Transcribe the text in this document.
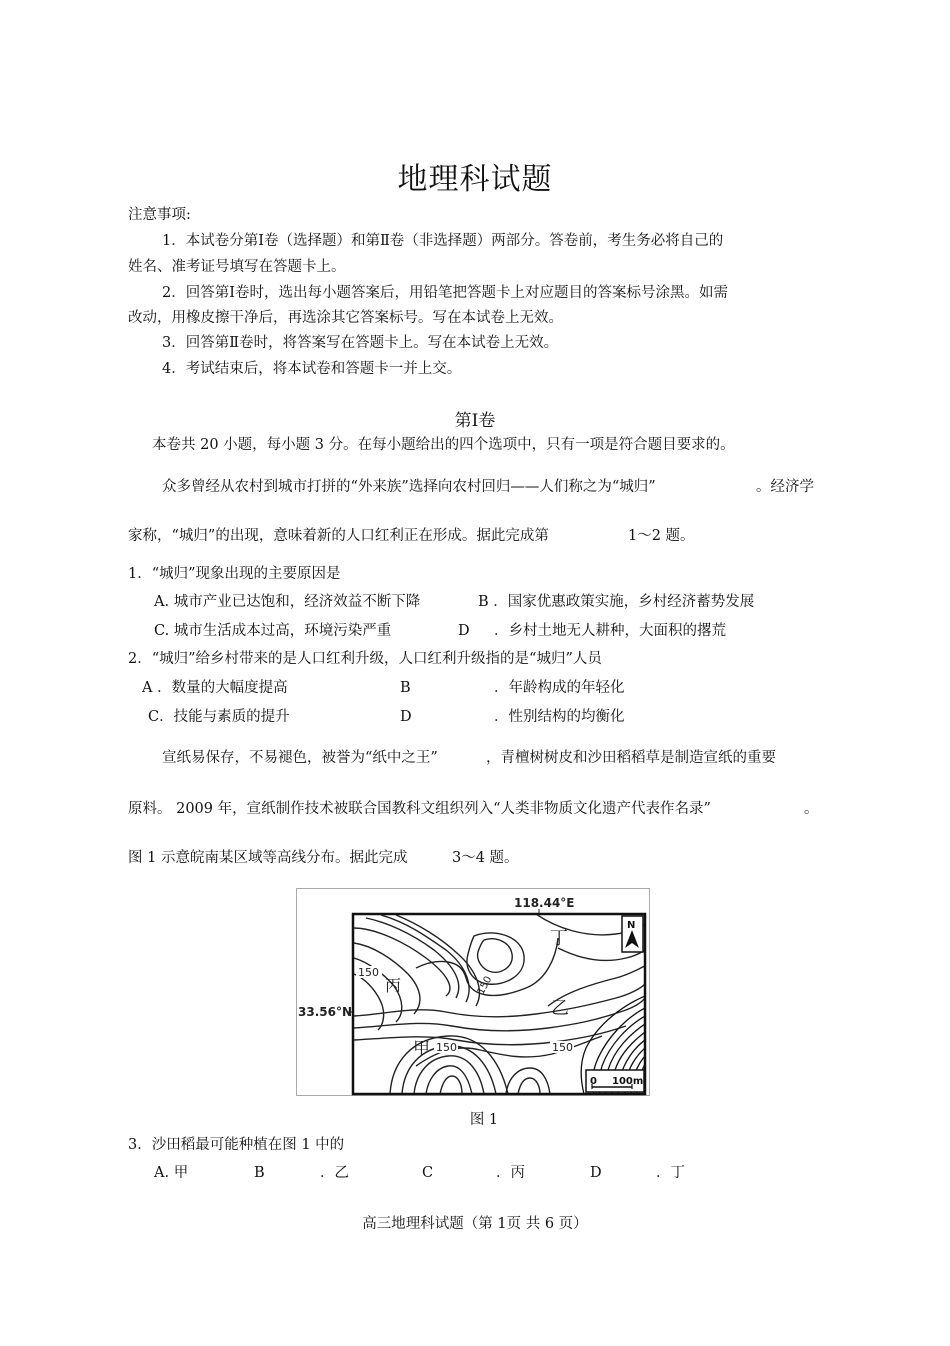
地理科试题
注意事项:
1．本试卷分第Ⅰ卷（选择题）和第Ⅱ卷（非选择题）两部分。答卷前，考生务必将自己的
姓名、准考证号填写在答题卡上。
2．回答第Ⅰ卷时，选出每小题答案后，用铅笔把答题卡上对应题目的答案标号涂黑。如需
改动，用橡皮擦干净后，再选涂其它答案标号。写在本试卷上无效。
3．回答第Ⅱ卷时，将答案写在答题卡上。写在本试卷上无效。
4．考试结束后，将本试卷和答题卡一并上交。
第Ⅰ卷
本卷共 20 小题，每小题 3 分。在每小题给出的四个选项中，只有一项是符合题目要求的。
众多曾经从农村到城市打拼的“外来族”选择向农村回归——人们称之为“城归”	。经济学
家称，“城归”的出现，意味着新的人口红利正在形成。据此完成第	1～2 题。
1．“城归”现象出现的主要原因是
A. 城市产业已达饱和，经济效益不断下降	B ．国家优惠政策实施，乡村经济蓄势发展
C. 城市生活成本过高，环境污染严重	D ．乡村土地无人耕种，大面积的撂荒
2．“城归”给乡村带来的是人口红利升级，人口红利升级指的是“城归”人员
A ．数量的大幅度提高	B	．年龄构成的年轻化
C．技能与素质的提升	D	．性别结构的均衡化
宣纸易保存，不易褪色，被誉为“纸中之王”	，青檀树树皮和沙田稻稻草是制造宣纸的重要
原料。 2009 年，宣纸制作技术被联合国教科文组织列入“人类非物质文化遗产代表作名录”	。
图 1 示意皖南某区域等高线分布。据此完成	3～4 题。
118.44°E
33.56°N
150
150
150	150
丙
丁
乙
甲
N
0 100m
图 1
3．沙田稻最可能种植在图 1 中的
A. 甲	B	．乙	C	．丙	D	．丁
高三地理科试题（第 1页 共 6 页）
